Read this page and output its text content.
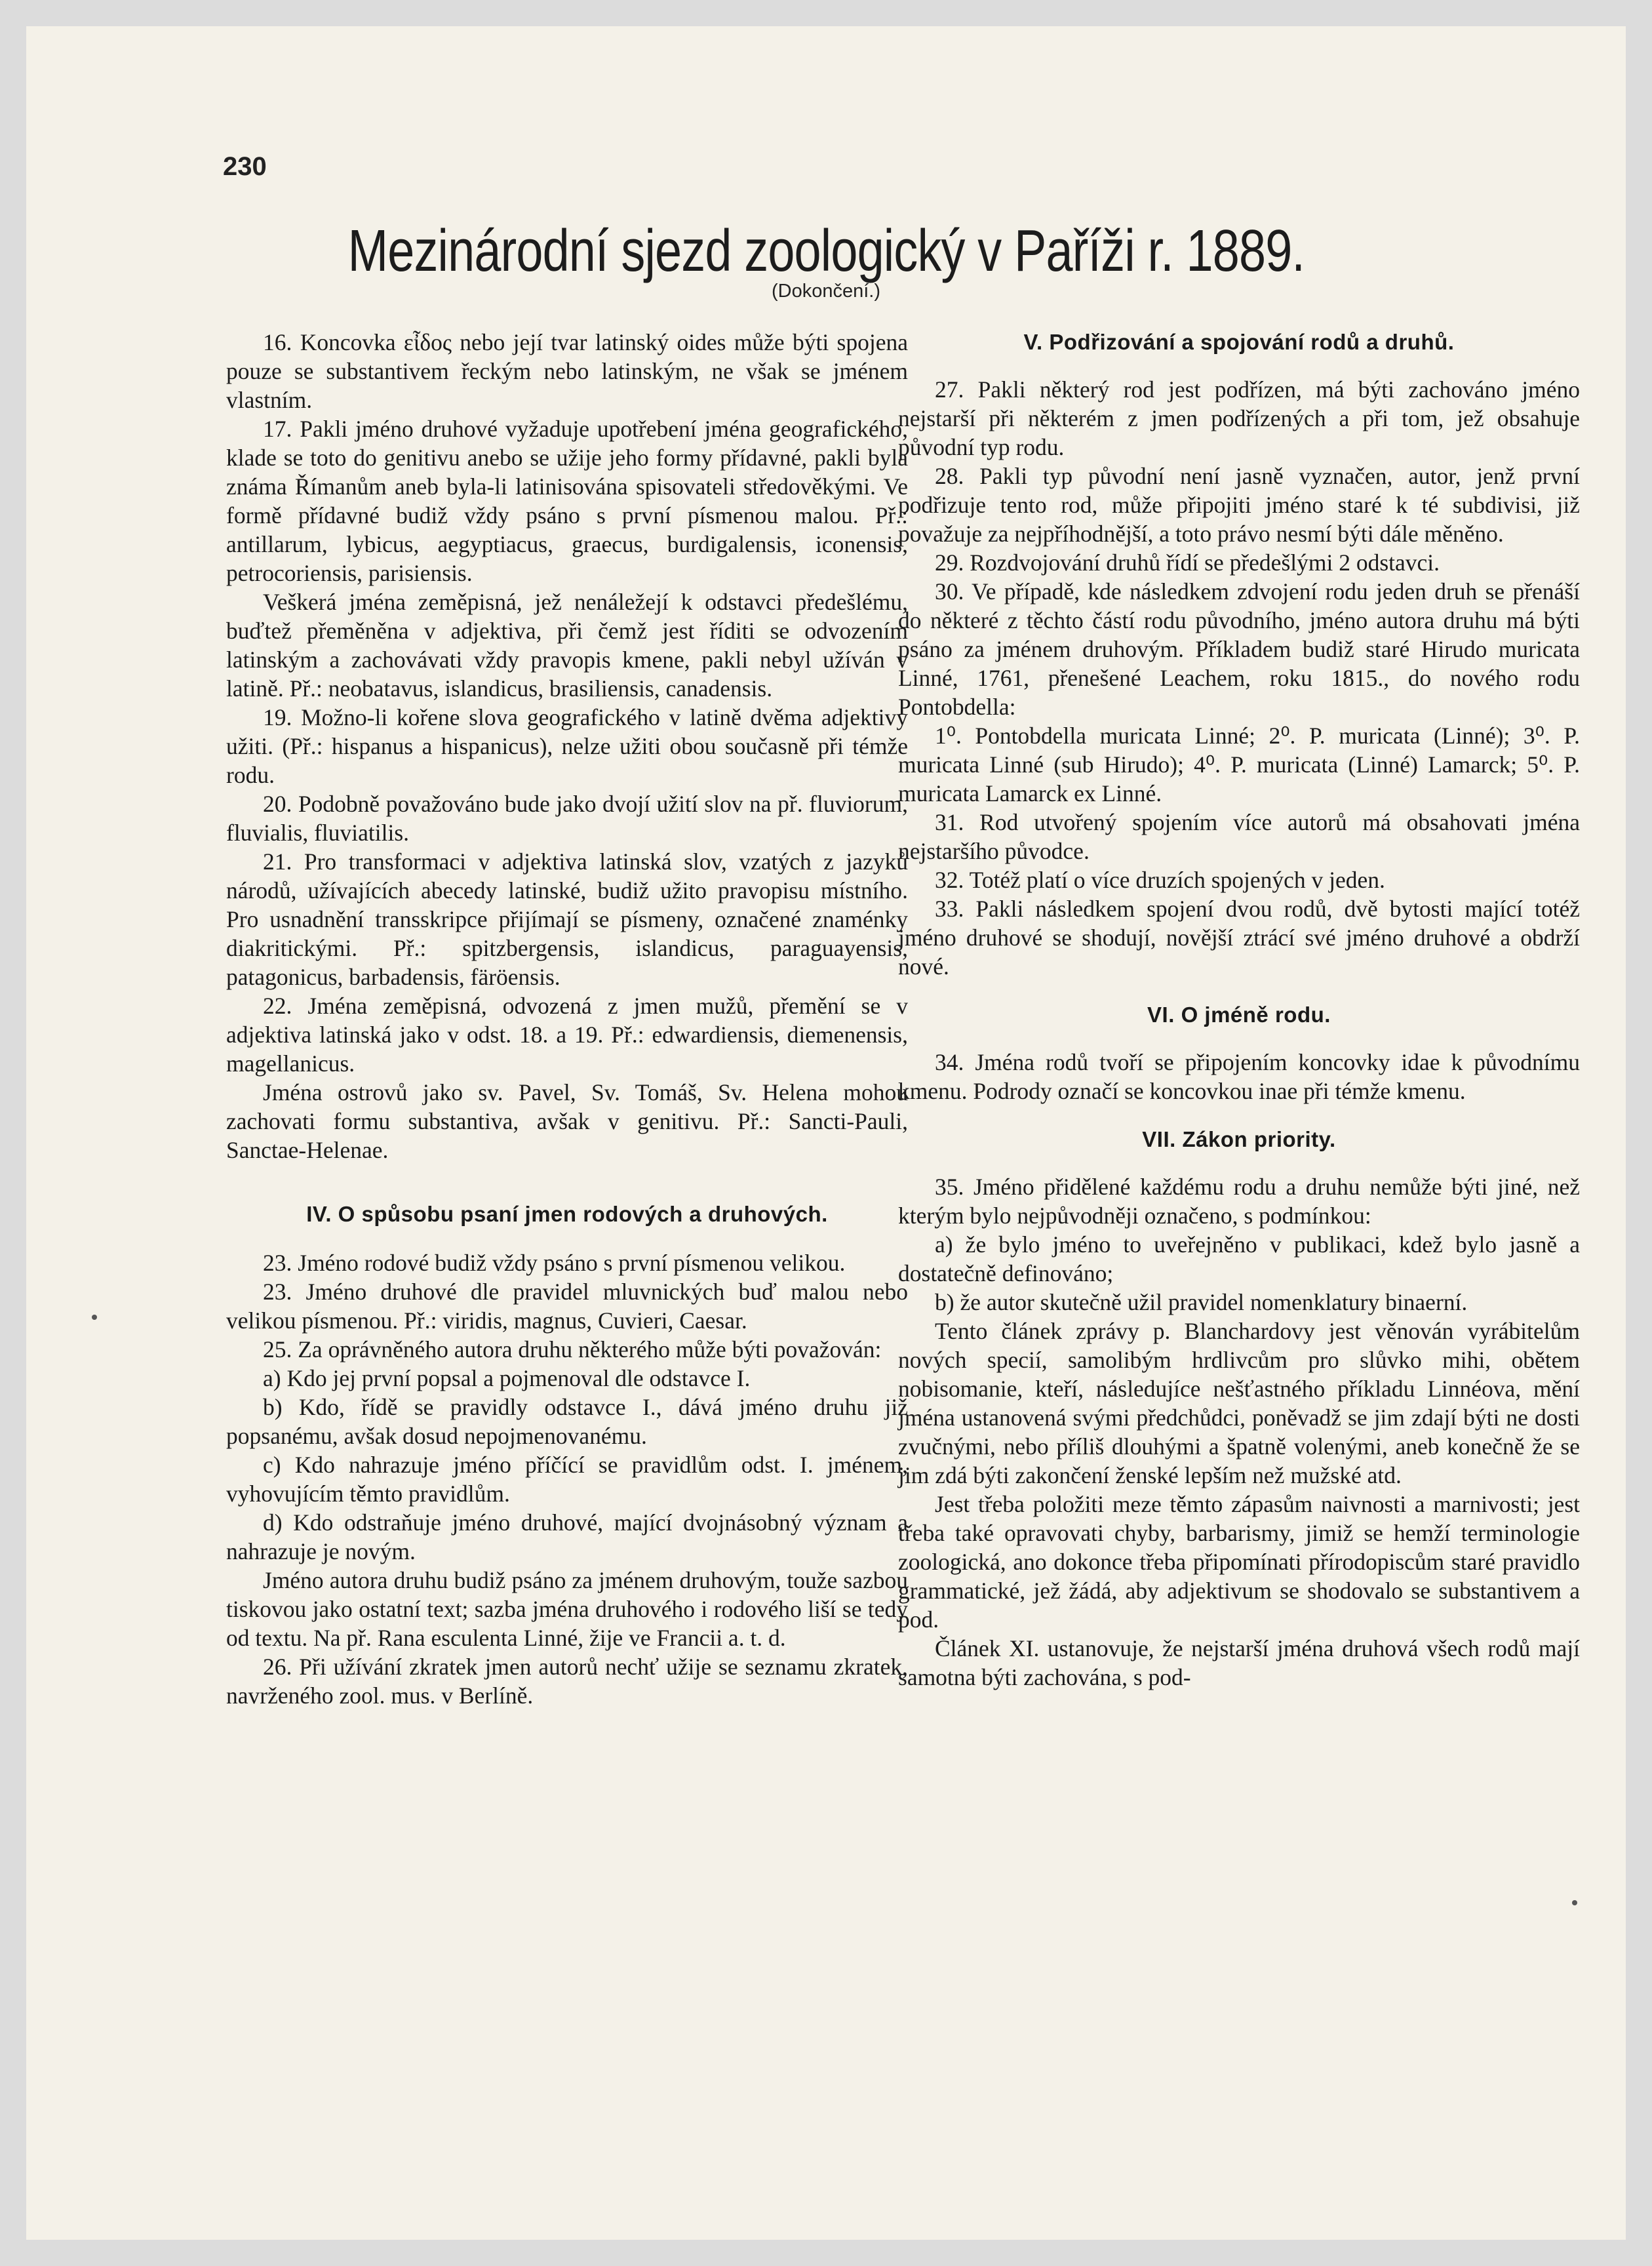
230
Mezinárodní sjezd zoologický v Paříži r. 1889.
(Dokončení.)

16. Koncovka εἶδος nebo její tvar latinský oides může býti spojena pouze se substantivem řeckým nebo latinským, ne však se jménem vlastním.

17. Pakli jméno druhové vyžaduje upotřebení jména geografického, klade se toto do genitivu anebo se užije jeho formy přídavné, pakli byla známa Římanům aneb byla-li latinisována spisovateli středověkými. Ve formě přídavné budiž vždy psáno s první písmenou malou. Př.: antillarum, lybicus, aegyptiacus, graecus, burdigalensis, iconensis, petrocoriensis, parisiensis.

Veškerá jména zeměpisná, jež nenáležejí k odstavci předešlému, buďtež přeměněna v adjektiva, při čemž jest říditi se odvozením latinským a zachovávati vždy pravopis kmene, pakli nebyl užíván v latině. Př.: neobatavus, islandicus, brasiliensis, canadensis.

19. Možno-li kořene slova geografického v latině dvěma adjektivy užiti. (Př.: hispanus a hispanicus), nelze užiti obou současně při témže rodu.

20. Podobně považováno bude jako dvojí užití slov na př. fluviorum, fluvialis, fluviatilis.

21. Pro transformaci v adjektiva latinská slov, vzatých z jazyků národů, užívajících abecedy latinské, budiž užito pravopisu místního. Pro usnadnění transskripce přijímají se písmeny, označené znaménky diakritickými. Př.: spitzbergensis, islandicus, paraguayensis, patagonicus, barbadensis, färöensis.

22. Jména zeměpisná, odvozená z jmen mužů, přemění se v adjektiva latinská jako v odst. 18. a 19. Př.: edwardiensis, diemenensis, magellanicus.

Jména ostrovů jako sv. Pavel, Sv. Tomáš, Sv. Helena mohou zachovati formu substantiva, avšak v genitivu. Př.: Sancti-Pauli, Sanctae-Helenae.

IV. O spůsobu psaní jmen rodových a druhových.

23. Jméno rodové budiž vždy psáno s první písmenou velikou.

23. Jméno druhové dle pravidel mluvnických buď malou nebo velikou písmenou. Př.: viridis, magnus, Cuvieri, Caesar.

25. Za oprávněného autora druhu některého může býti považován:

a) Kdo jej první popsal a pojmenoval dle odstavce I.

b) Kdo, řídě se pravidly odstavce I., dává jméno druhu již popsanému, avšak dosud nepojmenovanému.

c) Kdo nahrazuje jméno příčící se pravidlům odst. I. jménem, vyhovujícím těmto pravidlům.

d) Kdo odstraňuje jméno druhové, mající dvojnásobný význam a nahrazuje je novým.

Jméno autora druhu budiž psáno za jménem druhovým, touže sazbou tiskovou jako ostatní text; sazba jména druhového i rodového liší se tedy od textu. Na př. Rana esculenta Linné, žije ve Francii a. t. d.

26. Při užívání zkratek jmen autorů nechť užije se seznamu zkratek, navrženého zool. mus. v Berlíně.

V. Podřizování a spojování rodů a druhů.

27. Pakli některý rod jest podřízen, má býti zachováno jméno nejstarší při některém z jmen podřízených a při tom, jež obsahuje původní typ rodu.

28. Pakli typ původní není jasně vyznačen, autor, jenž první podřizuje tento rod, může připojiti jméno staré k té subdivisi, již považuje za nejpříhodnější, a toto právo nesmí býti dále měněno.

29. Rozdvojování druhů řídí se předešlými 2 odstavci.

30. Ve případě, kde následkem zdvojení rodu jeden druh se přenáší do některé z těchto částí rodu původního, jméno autora druhu má býti psáno za jménem druhovým. Příkladem budiž staré Hirudo muricata Linné, 1761, přenešené Leachem, roku 1815., do nového rodu Pontobdella:

1⁰. Pontobdella muricata Linné; 2⁰. P. muricata (Linné); 3⁰. P. muricata Linné (sub Hirudo); 4⁰. P. muricata (Linné) Lamarck; 5⁰. P. muricata Lamarck ex Linné.

31. Rod utvořený spojením více autorů má obsahovati jména nejstaršího původce.

32. Totéž platí o více druzích spojených v jeden.

33. Pakli následkem spojení dvou rodů, dvě bytosti mající totéž jméno druhové se shodují, novější ztrácí své jméno druhové a obdrží nové.

VI. O jméně rodu.

34. Jména rodů tvoří se připojením koncovky idae k původnímu kmenu. Podrody označí se koncovkou inae při témže kmenu.

VII. Zákon priority.

35. Jméno přidělené každému rodu a druhu nemůže býti jiné, než kterým bylo nejpůvodněji označeno, s podmínkou:

a) že bylo jméno to uveřejněno v publikaci, kdež bylo jasně a dostatečně definováno;

b) že autor skutečně užil pravidel nomenklatury binaerní.

Tento článek zprávy p. Blanchardovy jest věnován vyrábitelům nových specií, samolibým hrdlivcům pro slůvko mihi, obětem nobisomanie, kteří, následujíce nešťastného příkladu Linnéova, mění jména ustanovená svými předchůdci, poněvadž se jim zdají býti ne dosti zvučnými, nebo příliš dlouhými a špatně volenými, aneb konečně že se jim zdá býti zakončení ženské lepším než mužské atd.

Jest třeba položiti meze těmto zápasům naivnosti a marnivosti; jest třeba také opravovati chyby, barbarismy, jimiž se hemží terminologie zoologická, ano dokonce třeba připomínati přírodopiscům staré pravidlo grammatické, jež žádá, aby adjektivum se shodovalo se substantivem a pod.

Článek XI. ustanovuje, že nejstarší jména druhová všech rodů mají samotna býti zachována, s pod-
